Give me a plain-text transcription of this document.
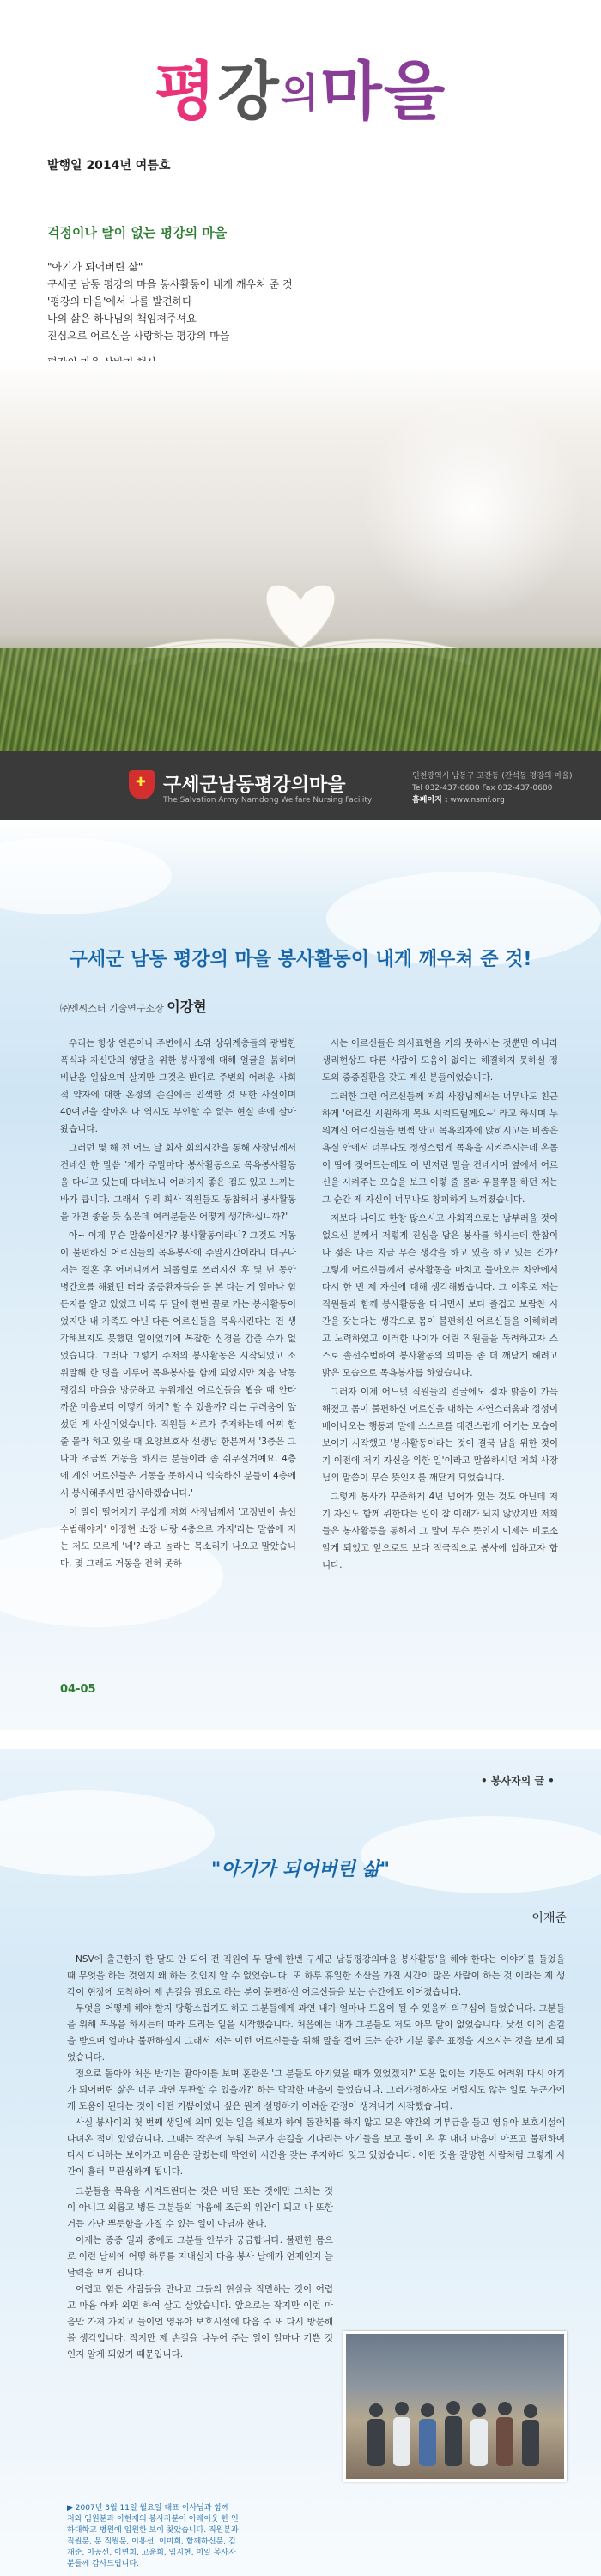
평강의마을
발행일 2014년 여름호
걱정이나 탈이 없는 평강의 마을
"아기가 되어버린 삶"
구세군 남동 평강의 마을 봉사활동이 내게 깨우쳐 준 것
'평강의 마을'에서 나를 발견하다
나의 삶은 하나님의 책임져주셔요
진심으로 어르신을 사랑하는 평강의 마을
✚ 구세군남동평강의마을
The Salvation Army Namdong Welfare Nursing Facility
인천광역시 남동구 고잔동 (간석동 평강의 마을)
Tel 032-437-0600 Fax 032-437-0680
홈페이지 : www.nsmf.org
구세군 남동 평강의 마을 봉사활동이 내게 깨우쳐 준 것!
㈜엔씨스터 기술연구소장 이강현

우리는 항상 언론이나 주변에서 소위 상위계층들의 광범한 폭식과 자신만의 영달을 위한 봉사정에 대해 얼굴을 붉히며 비난을 일삼으며 살지만 그것은 반대로 주변의 어려운 사회적 약자에 대한 온정의 손길에는 인색한 것 또한 사실이며 40여년을 살아온 나 역시도 부인할 수 없는 현실 속에 살아왔습니다.

그러던 몇 해 전 어느 날 회사 회의시간을 통해 사장님께서 건네신 한 말씀 '제가 주말마다 봉사활동으로 목욕봉사활동을 다니고 있는데 다녀보니 여러가지 좋은 점도 있고 느끼는 바가 큽니다. 그래서 우리 회사 직원들도 동참해서 봉사활동을 가면 좋을 듯 싶은데 여러분들은 어떻게 생각하십니까?'

아~ 이게 무슨 말씀이신가? 봉사활동이라니? 그것도 거동이 불편하신 어르신들의 목욕봉사에 주말시간이라니 더구나 저는 결혼 후 어머니께서 뇌졸혈로 쓰러지신 후 몇 년 동안 병간호를 해왔던 터라 중증환자들을 돌 본 다는 게 얼마나 힘든지를 알고 있었고 비록 두 달에 한번 꼴로 가는 봉사활동이었지만 내 가족도 아닌 다른 어르신들을 목욕시킨다는 건 생각해보지도 못했던 일이었기에 복잡한 심경을 감출 수가 없었습니다. 그러나 그렇게 주저의 봉사활동은 시작되었고 소위말해 한 명을 이루어 목욕봉사를 함께 되었지만 처음 남동평강의 마을을 방문하고 누워계신 어르신들을 뵙을 때 안타까운 마음보다 어떻게 하지? 할 수 있을까? 라는 두려움이 앞섰던 게 사실이었습니다. 직원들 서로가 주저하는데 어찌 할 줄 몰라 하고 있을 때 요양보호사 선생님 한분께서 '3층은 그나마 조금씩 거동을 하시는 분들이라 좀 쉬우실거예요. 4층에 계신 어르신들은 거동을 못하시니 익숙하신 분들이 4층에서 봉사해주시면 감사하겠습니다.'

이 말이 떨어지기 무섭게 저희 사장님께서 '고정빈이 솔선수범해야지' 이정현 소장 나랑 4층으로 가지'라는 말씀에 저는 저도 모르게 '네'? 라고 놀라는 목소리가 나오고 말았습니다. 몇 그래도 거동을 전혀 못하

시는 어르신들은 의사표현을 거의 못하시는 것뿐만 아니라 생리현상도 다른 사람이 도움이 없이는 해결하지 못하실 정도의 중증질환을 갖고 계신 분들이었습니다.

그러한 그런 어르신들께 저희 사장님께서는 너무나도 친근하게 '어르신 시원하게 목욕 시켜드릴께요~' 라고 하시며 누워계신 어르신들을 번쩍 안고 목욕의자에 앉히시고는 비좁은 욕실 안에서 너무나도 정성스럽게 목욕을 시켜주시는데 온몸이 땀에 젖어드는데도 이 번저린 말을 건네시며 옆에서 어르신을 시켜주는 모습을 보고 이렇 줄 몰라 우물쭈물 하던 저는 그 순간 제 자신이 너무나도 창피하게 느껴졌습니다.

저보다 나이도 한창 많으시고 사회적으로는 남부러울 것이 없으신 분께서 저렇게 진심을 담은 봉사를 하시는데 한참이나 젊은 나는 지금 무슨 생각을 하고 있을 하고 있는 건가? 그렇게 어르신들께서 봉사활동을 마치고 돌아오는 차안에서 다시 한 번 제 자신에 대해 생각해봤습니다. 그 이후로 저는 직원들과 함께 봉사활동을 다니면서 보다 즐겁고 보람찬 시간을 갖는다는 생각으로 몸이 불편하신 어르신들을 이해하려고 노력하였고 이러한 나이가 어린 직원들을 독려하고자 스스로 솔선수범하여 봉사활동의 의미를 좀 더 깨닫게 해려고 밝은 모습으로 목욕봉사를 하였습니다.

그러자 이제 어느덧 직원들의 얼굴에도 점차 밝음이 가득해졌고 몸이 불편하신 어르신을 대하는 자연스러움과 정성이 베어나오는 행동과 말에 스스로를 대견스럽게 여기는 모습이 보이기 시작했고 '봉사활동이라는 것이 결국 남을 위한 것이기 이전에 저기 자신을 위한 일'이라고 말씀하시던 저희 사장님의 말씀이 무슨 뜻인지를 깨닫게 되었습니다.

그렇게 봉사가 꾸준하게 4년 넘어가 있는 것도 아닌데 저기 자신도 함께 위한다는 일이 참 이래가 되지 않았지만 저희들은 봉사활동을 통해서 그 말이 무슨 뜻인지 이제는 비로소 알게 되었고 앞으로도 보다 적극적으로 봉사에 임하고자 합니다.

04-05
• 봉사자의 글 •
"아기가 되어버린 삶"
이재준

NSV에 출근한지 한 달도 안 되어 전 직원이 두 달에 한번 구세군 남동평강의마을 봉사활동'을 해야 한다는 이야기를 들었을 때 무엇을 하는 것인지 왜 하는 것인지 알 수 없었습니다. 또 하루 휴일한 소산을 가진 시간이 많은 사람이 하는 것 이라는 제 생각이 현장에 도착하여 제 손길을 필요로 하는 분이 불편하신 어르신들을 보는 순간에도 이어졌습니다.

무엇을 어떻게 해야 할지 당황스럽기도 하고 그분들에게 과연 내가 얼마나 도움이 될 수 있을까 의구심이 들었습니다. 그분들을 위해 목욕을 하시는데 따라 드리는 일을 시작했습니다. 처음에는 내가 그분들도 저도 아무 말이 없었습니다. 낯선 이의 손길을 받으며 얼마나 불편하실지 그래서 저는 이런 어르신들을 위해 말을 걸어 드는 순간 기분 좋은 표정을 지으시는 것을 보게 되었습니다.

점으로 돌아와 처음 반기는 딸아이를 보며 혼란은 '그 분들도 아기였을 때가 있었겠지?' 도움 없이는 기동도 어려워 다시 아기가 되어버린 삶은 너무 과연 무관할 수 있을까?' 하는 막막한 마음이 들었습니다. 그러가정하자도 어렵지도 않는 일로 누군가에게 도움이 된다는 것이 어떤 기쁨이었나 싶은 뭔지 설명하기 어려운 감정이 생겨나기 시작했습니다.

사실 봉사이의 첫 번째 생일에 의미 있는 일을 해보자 하여 돌잔치를 하지 않고 모은 약간의 기부금을 들고 영유아 보호시설에 다녀온 적이 있었습니다. 그때는 작은에 누워 누군가 손길을 기다리는 아기들을 보고 돌이 온 후 내내 마음이 아프고 불편하여 다시 다니하는 보아가고 마음은 갈렸는데 막연히 시간을 갖는 주저하다 잊고 있었습니다. 어떤 것을 갈망한 사람처럼 그렇게 시간이 흘러 무관심하게 됩니다.

그분들을 목욕을 시켜드린다는 것은 비단 또는 것에만 그치는 것이 아니고 외롭고 병든 그분들의 마음에 조금의 위안이 되고 나 또한 거듭 가난 뿌듯함을 가질 수 있는 일이 아님까 한다.

이제는 종종 일과 중에도 그분들 안부가 궁금합니다. 불편한 몸으로 이런 날씨에 어떻 하루를 지내실지 다음 봉사 날에가 언제인지 늘 달력을 보게 됩니다.

어렵고 힘든 사람들을 만나고 그들의 현실을 직면하는 것이 어렵고 마음 아파 외면 하여 살고 살았습니다. 앞으로는 작지만 이런 마음만 가져 가치고 들이언 영유아 보호시설에 다음 주 또 다시 방문해 볼 생각입니다. 작지만 제 손길을 나누어 주는 일이 얼마나 기쁜 것인지 알게 되었기 때문입니다.

▶ 2007년 3월 11일 월요일 대표 이사님과 함께 저와 임원분과 이현재의 봉사자분이 아래이웃 한 인하대학교 병원에 입원한 보이 찾았습니다. 직원분과 직원분, 분 직원분, 이용선, 이미희, 함께하신분, 김 재준, 이공선, 이면희, 고윤희, 임지현, 미일 봉사자 분들께 감사드립니다.
